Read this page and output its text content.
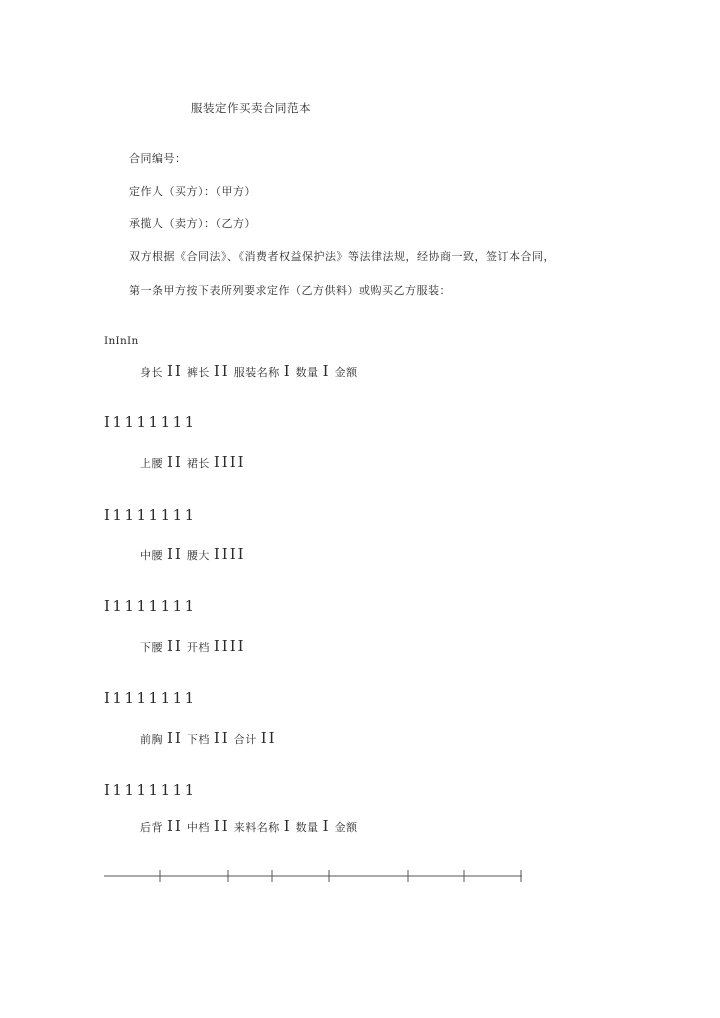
服装定作买卖合同范本
合同编号：
定作人（买方）：（甲方）
承揽人（卖方）：（乙方）
双方根据《合同法》、《消费者权益保护法》等法律法规，经协商一致，签订本合同，
第一条甲方按下表所列要求定作（乙方供料）或购买乙方服装：
InInIn
身长 II 裤长 II 服装名称 I 数量 I 金额
I1111111
上腰 II 裙长 IIII
I1111111
中腰 II 腰大 IIII
I1111111
下腰 II 开档 IIII
I1111111
前胸 II 下档 II 合计 II
I1111111
后背 II 中档 II 来料名称 I 数量 I 金额
